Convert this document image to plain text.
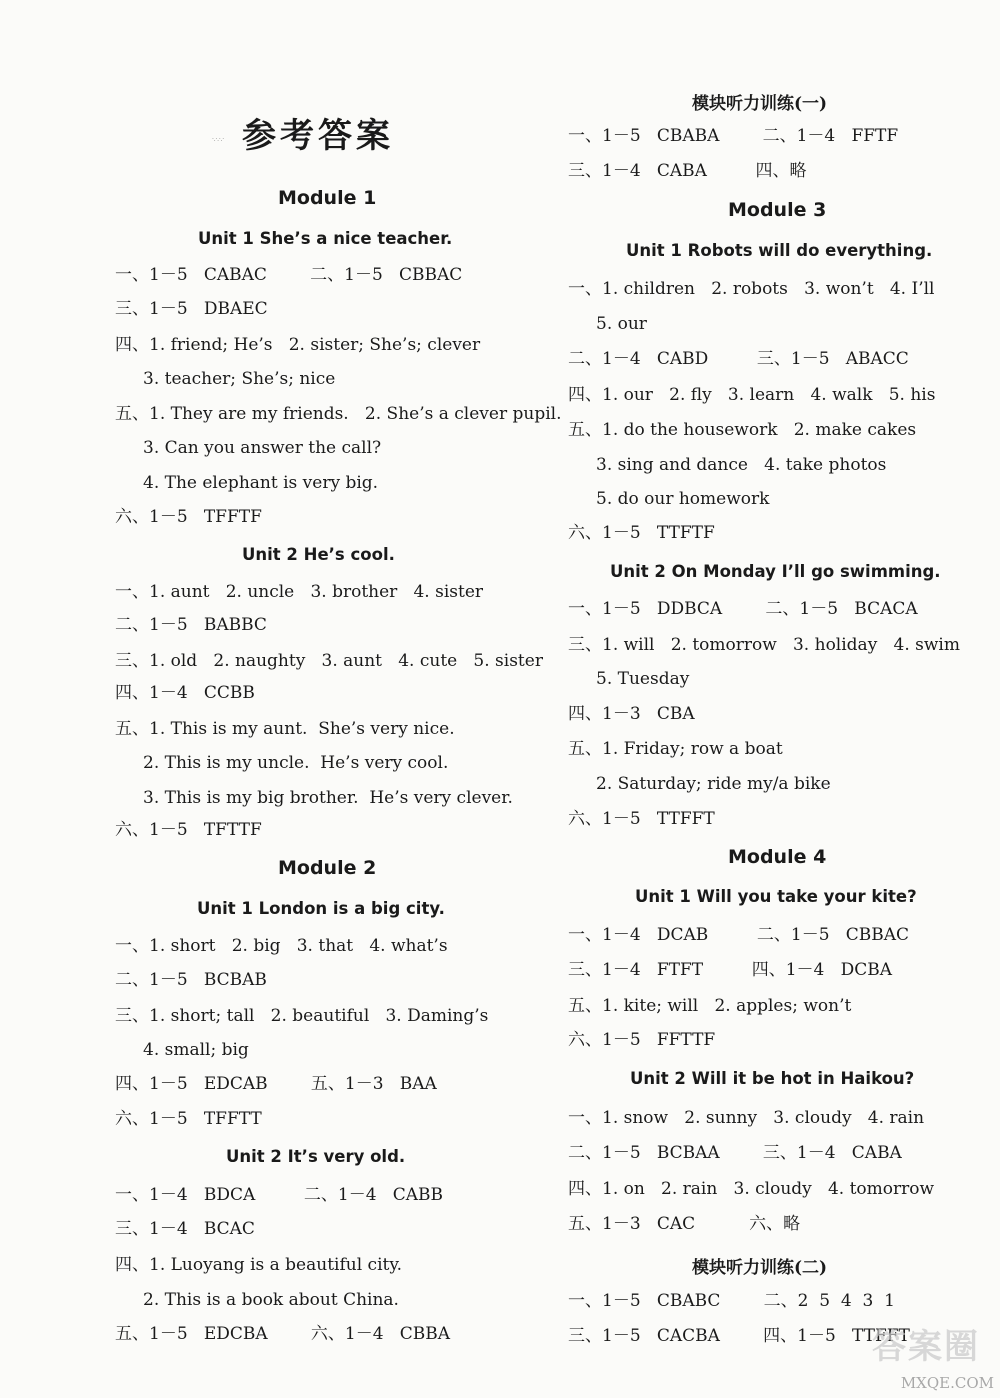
·.·.·.· 参考答案
Module 1
Unit 1 She’s a nice teacher.
一、1－5   CABAC        二、1－5   CBBAC
三、1－5   DBAEC
四、1. friend; He’s   2. sister; She’s; clever
3. teacher; She’s; nice
五、1. They are my friends.   2. She’s a clever pupil.
3. Can you answer the call?
4. The elephant is very big.
六、1－5   TFFTF
Unit 2 He’s cool.
一、1. aunt   2. uncle   3. brother   4. sister
二、1－5   BABBC
三、1. old   2. naughty   3. aunt   4. cute   5. sister
四、1－4   CCBB
五、1. This is my aunt.  She’s very nice.
2. This is my uncle.  He’s very cool.
3. This is my big brother.  He’s very clever.
六、1－5   TFTTF
Module 2
Unit 1 London is a big city.
一、1. short   2. big   3. that   4. what’s
二、1－5   BCBAB
三、1. short; tall   2. beautiful   3. Daming’s
4. small; big
四、1－5   EDCAB        五、1－3   BAA
六、1－5   TFFTT
Unit 2 It’s very old.
一、1－4   BDCA         二、1－4   CABB
三、1－4   BCAC
四、1. Luoyang is a beautiful city.
2. This is a book about China.
五、1－5   EDCBA        六、1－4   CBBA
模块听力训练(一)
一、1－5   CBABA        二、1－4   FFTF
三、1－4   CABA         四、略
Module 3
Unit 1 Robots will do everything.
一、1. children   2. robots   3. won’t   4. I’ll
5. our
二、1－4   CABD         三、1－5   ABACC
四、1. our   2. fly   3. learn   4. walk   5. his
五、1. do the housework   2. make cakes
3. sing and dance   4. take photos
5. do our homework
六、1－5   TTFTF
Unit 2 On Monday I’ll go swimming.
一、1－5   DDBCA        二、1－5   BCACA
三、1. will   2. tomorrow   3. holiday   4. swim
5. Tuesday
四、1－3   CBA
五、1. Friday; row a boat
2. Saturday; ride my/a bike
六、1－5   TTFFT
Module 4
Unit 1 Will you take your kite?
一、1－4   DCAB         二、1－5   CBBAC
三、1－4   FTFT         四、1－4   DCBA
五、1. kite; will   2. apples; won’t
六、1－5   FFTTF
Unit 2 Will it be hot in Haikou?
一、1. snow   2. sunny   3. cloudy   4. rain
二、1－5   BCBAA        三、1－4   CABA
四、1. on   2. rain   3. cloudy   4. tomorrow
五、1－3   CAC          六、略
模块听力训练(二)
一、1－5   CBABC        二、2  5  4  3  1
三、1－5   CACBA        四、1－5   TTFFT
答案圈
MXQE.COM
